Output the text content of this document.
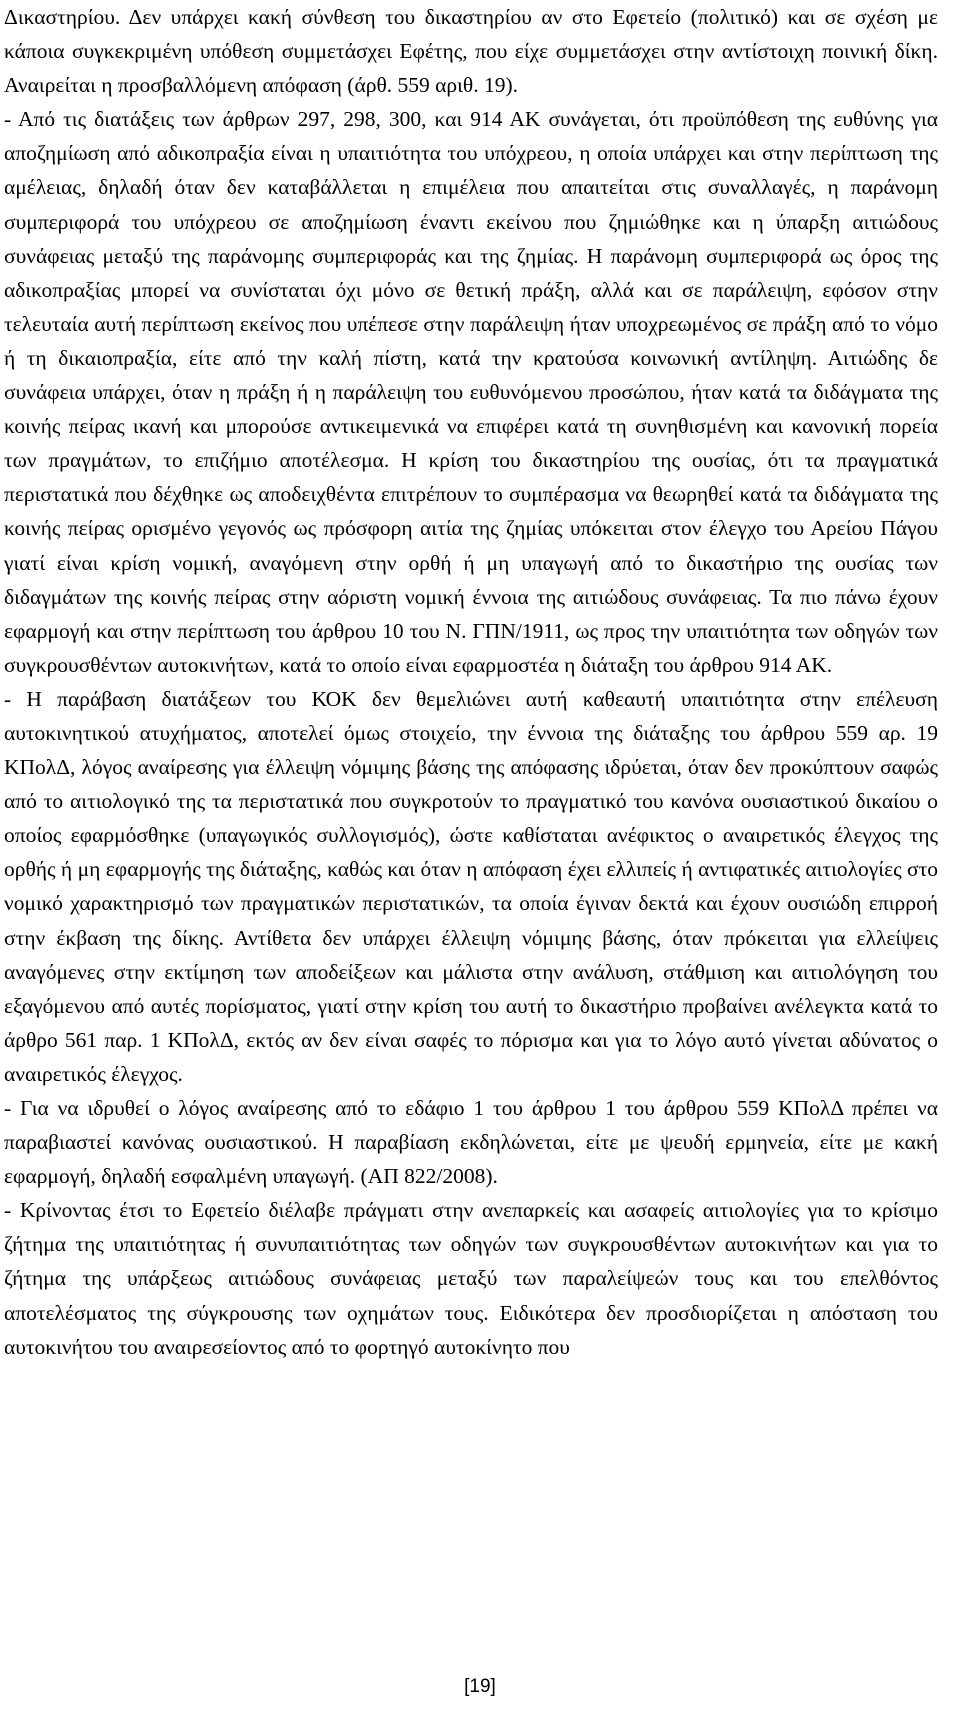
Δικαστηρίου. Δεν υπάρχει κακή σύνθεση του δικαστηρίου αν στο Εφετείο (πολιτικό) και σε σχέση με κάποια συγκεκριμένη υπόθεση συμμετάσχει Εφέτης, που είχε συμμετάσχει στην αντίστοιχη ποινική δίκη. Αναιρείται η προσβαλλόμενη απόφαση (άρθ. 559 αριθ. 19).

- Από τις διατάξεις των άρθρων 297, 298, 300, και 914 ΑΚ συνάγεται, ότι προϋπόθεση της ευθύνης για αποζημίωση από αδικοπραξία είναι η υπαιτιότητα του υπόχρεου, η οποία υπάρχει και στην περίπτωση της αμέλειας, δηλαδή όταν δεν καταβάλλεται η επιμέλεια που απαιτείται στις συναλλαγές, η παράνομη συμπεριφορά του υπόχρεου σε αποζημίωση έναντι εκείνου που ζημιώθηκε και η ύπαρξη αιτιώδους συνάφειας μεταξύ της παράνομης συμπεριφοράς και της ζημίας. Η παράνομη συμπεριφορά ως όρος της αδικοπραξίας μπορεί να συνίσταται όχι μόνο σε θετική πράξη, αλλά και σε παράλειψη, εφόσον στην τελευταία αυτή περίπτωση εκείνος που υπέπεσε στην παράλειψη ήταν υποχρεωμένος σε πράξη από το νόμο ή τη δικαιοπραξία, είτε από την καλή πίστη, κατά την κρατούσα κοινωνική αντίληψη. Αιτιώδης δε συνάφεια υπάρχει, όταν η πράξη ή η παράλειψη του ευθυνόμενου προσώπου, ήταν κατά τα διδάγματα της κοινής πείρας ικανή και μπορούσε αντικειμενικά να επιφέρει κατά τη συνηθισμένη και κανονική πορεία των πραγμάτων, το επιζήμιο αποτέλεσμα. Η κρίση του δικαστηρίου της ουσίας, ότι τα πραγματικά περιστατικά που δέχθηκε ως αποδειχθέντα επιτρέπουν το συμπέρασμα να θεωρηθεί κατά τα διδάγματα της κοινής πείρας ορισμένο γεγονός ως πρόσφορη αιτία της ζημίας υπόκειται στον έλεγχο του Αρείου Πάγου γιατί είναι κρίση νομική, αναγόμενη στην ορθή ή μη υπαγωγή από το δικαστήριο της ουσίας των διδαγμάτων της κοινής πείρας στην αόριστη νομική έννοια της αιτιώδους συνάφειας. Τα πιο πάνω έχουν εφαρμογή και στην περίπτωση του άρθρου 10 του Ν. ΓΠΝ/1911, ως προς την υπαιτιότητα των οδηγών των συγκρουσθέντων αυτοκινήτων, κατά το οποίο είναι εφαρμοστέα η διάταξη του άρθρου 914 ΑΚ.

- Η παράβαση διατάξεων του ΚΟΚ δεν θεμελιώνει αυτή καθεαυτή υπαιτιότητα στην επέλευση αυτοκινητικού ατυχήματος, αποτελεί όμως στοιχείο, την έννοια της διάταξης του άρθρου 559 αρ. 19 ΚΠολΔ, λόγος αναίρεσης για έλλειψη νόμιμης βάσης της απόφασης ιδρύεται, όταν δεν προκύπτουν σαφώς από το αιτιολογικό της τα περιστατικά που συγκροτούν το πραγματικό του κανόνα ουσιαστικού δικαίου ο οποίος εφαρμόσθηκε (υπαγωγικός συλλογισμός), ώστε καθίσταται ανέφικτος ο αναιρετικός έλεγχος της ορθής ή μη εφαρμογής της διάταξης, καθώς και όταν η απόφαση έχει ελλιπείς ή αντιφατικές αιτιολογίες στο νομικό χαρακτηρισμό των πραγματικών περιστατικών, τα οποία έγιναν δεκτά και έχουν ουσιώδη επιρροή στην έκβαση της δίκης. Αντίθετα δεν υπάρχει έλλειψη νόμιμης βάσης, όταν πρόκειται για ελλείψεις αναγόμενες στην εκτίμηση των αποδείξεων και μάλιστα στην ανάλυση, στάθμιση και αιτιολόγηση του εξαγόμενου από αυτές πορίσματος, γιατί στην κρίση του αυτή το δικαστήριο προβαίνει ανέλεγκτα κατά το άρθρο 561 παρ. 1 ΚΠολΔ, εκτός αν δεν είναι σαφές το πόρισμα και για το λόγο αυτό γίνεται αδύνατος ο αναιρετικός έλεγχος.

- Για να ιδρυθεί ο λόγος αναίρεσης από το εδάφιο 1 του άρθρου 1 του άρθρου 559 ΚΠολΔ πρέπει να παραβιαστεί κανόνας ουσιαστικού. Η παραβίαση εκδηλώνεται, είτε με ψευδή ερμηνεία, είτε με κακή εφαρμογή, δηλαδή εσφαλμένη υπαγωγή. (ΑΠ 822/2008).

- Κρίνοντας έτσι το Εφετείο διέλαβε πράγματι στην ανεπαρκείς και ασαφείς αιτιολογίες για το κρίσιμο ζήτημα της υπαιτιότητας ή συνυπαιτιότητας των οδηγών των συγκρουσθέντων αυτοκινήτων και για το ζήτημα της υπάρξεως αιτιώδους συνάφειας μεταξύ των παραλείψεών τους και του επελθόντος αποτελέσματος της σύγκρουσης των οχημάτων τους. Ειδικότερα δεν προσδιορίζεται η απόσταση του αυτοκινήτου του αναιρεσείοντος από το φορτηγό αυτοκίνητο που

[19]
